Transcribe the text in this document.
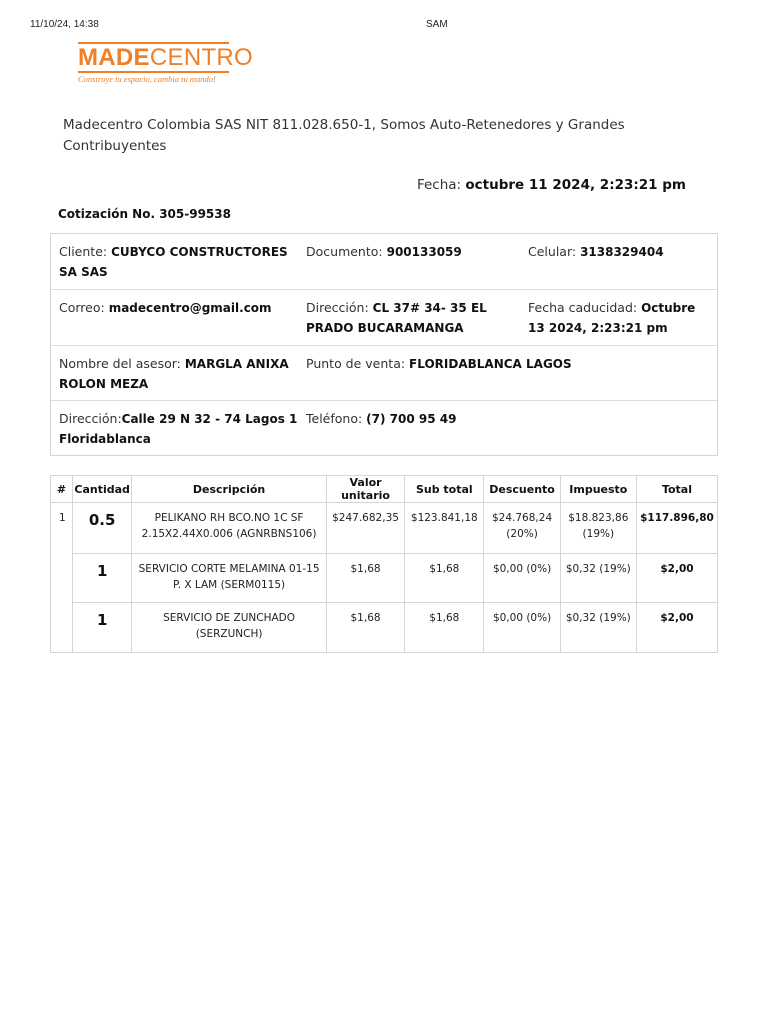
11/10/24, 14:38	SAM
MADECENTRO
Construye tu espacio, cambia tu mundo!
Madecentro Colombia SAS NIT 811.028.650-1, Somos Auto-Retenedores y Grandes Contribuyentes
Fecha: octubre 11 2024, 2:23:21 pm
Cotización No. 305-99538
Cliente: CUBYCO CONSTRUCTORES SA SAS
Documento: 900133059	Celular: 3138329404
Correo: madecentro@gmail.com	Dirección: CL 37# 34- 35 EL PRADO BUCARAMANGA
Fecha caducidad: Octubre 13 2024, 2:23:21 pm
Nombre del asesor: MARGLA ANIXA ROLON MEZA
Punto de venta: FLORIDABLANCA LAGOS
Dirección:Calle 29 N 32 - 74 Lagos 1 Floridablanca
Teléfono: (7) 700 95 49
#	Cantidad	Descripción	Valor unitario	Sub total	Descuento	Impuesto	Total
1	0.5	PELIKANO RH BCO.NO 1C SF 2.15X2.44X0.006 (AGNRBNS106)	$247.682,35	$123.841,18	$24.768,24 (20%)	$18.823,86 (19%)	$117.896,80
	1	SERVICIO CORTE MELAMINA 01-15 P. X LAM (SERM0115)	$1,68	$1,68	$0,00 (0%)	$0,32 (19%)	$2,00
	1	SERVICIO DE ZUNCHADO (SERZUNCH)	$1,68	$1,68	$0,00 (0%)	$0,32 (19%)	$2,00
